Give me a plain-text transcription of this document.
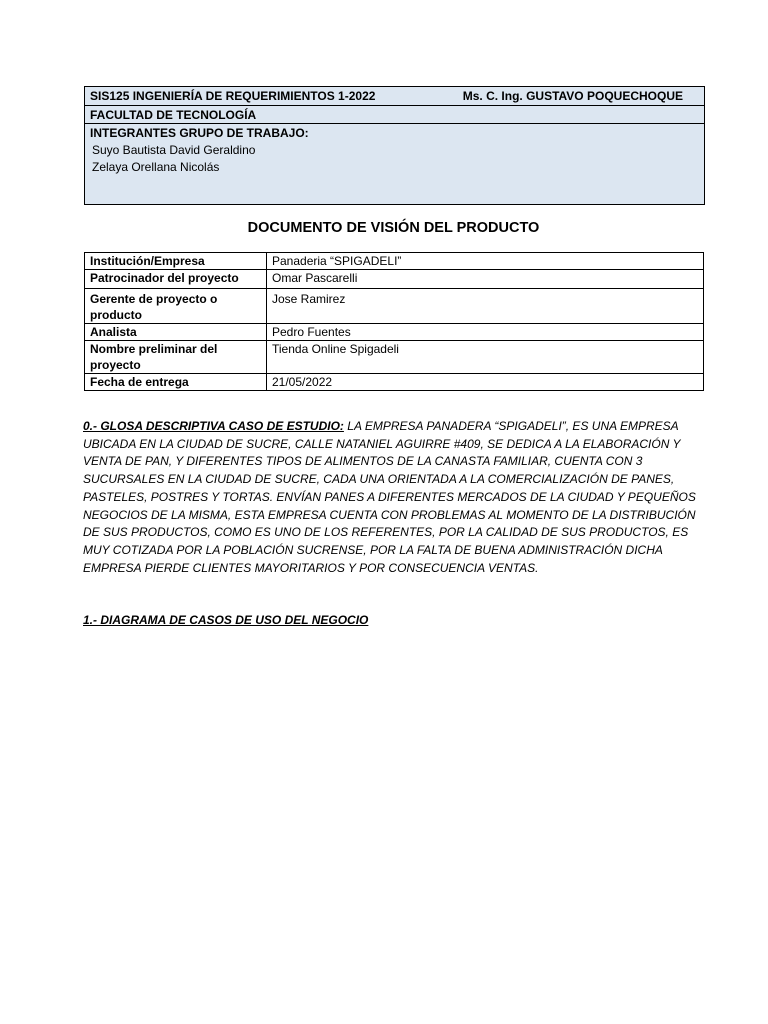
SIS125 INGENIERÍA DE REQUERIMIENTOS 1-2022	Ms. C. Ing. GUSTAVO POQUECHOQUE
FACULTAD DE TECNOLOGÍA
INTEGRANTES GRUPO DE TRABAJO:
Suyo Bautista David Geraldino
Zelaya Orellana Nicolás
DOCUMENTO DE VISIÓN DEL PRODUCTO
Institución/Empresa	Panaderia “SPIGADELI”
Patrocinador del proyecto	Omar Pascarelli
Gerente de proyecto o producto	Jose Ramirez
Analista	Pedro Fuentes
Nombre preliminar del proyecto	Tienda Online Spigadeli
Fecha de entrega	21/05/2022
0.- GLOSA DESCRIPTIVA CASO DE ESTUDIO: LA EMPRESA PANADERA “SPIGADELI”, ES UNA EMPRESA UBICADA EN LA CIUDAD DE SUCRE, CALLE NATANIEL AGUIRRE #409, SE DEDICA A LA ELABORACIÓN Y VENTA DE PAN, Y DIFERENTES TIPOS DE ALIMENTOS DE LA CANASTA FAMILIAR, CUENTA CON 3 SUCURSALES EN LA CIUDAD DE SUCRE, CADA UNA ORIENTADA A LA COMERCIALIZACIÓN DE PANES, PASTELES, POSTRES Y TORTAS. ENVÍAN PANES A DIFERENTES MERCADOS DE LA CIUDAD Y PEQUEÑOS NEGOCIOS DE LA MISMA, ESTA EMPRESA CUENTA CON PROBLEMAS AL MOMENTO DE LA DISTRIBUCIÓN DE SUS PRODUCTOS, COMO ES UNO DE LOS REFERENTES, POR LA CALIDAD DE SUS PRODUCTOS, ES MUY COTIZADA POR LA POBLACIÓN SUCRENSE, POR LA FALTA DE BUENA ADMINISTRACIÓN DICHA EMPRESA PIERDE CLIENTES MAYORITARIOS Y POR CONSECUENCIA VENTAS.
1.- DIAGRAMA DE CASOS DE USO DEL NEGOCIO
